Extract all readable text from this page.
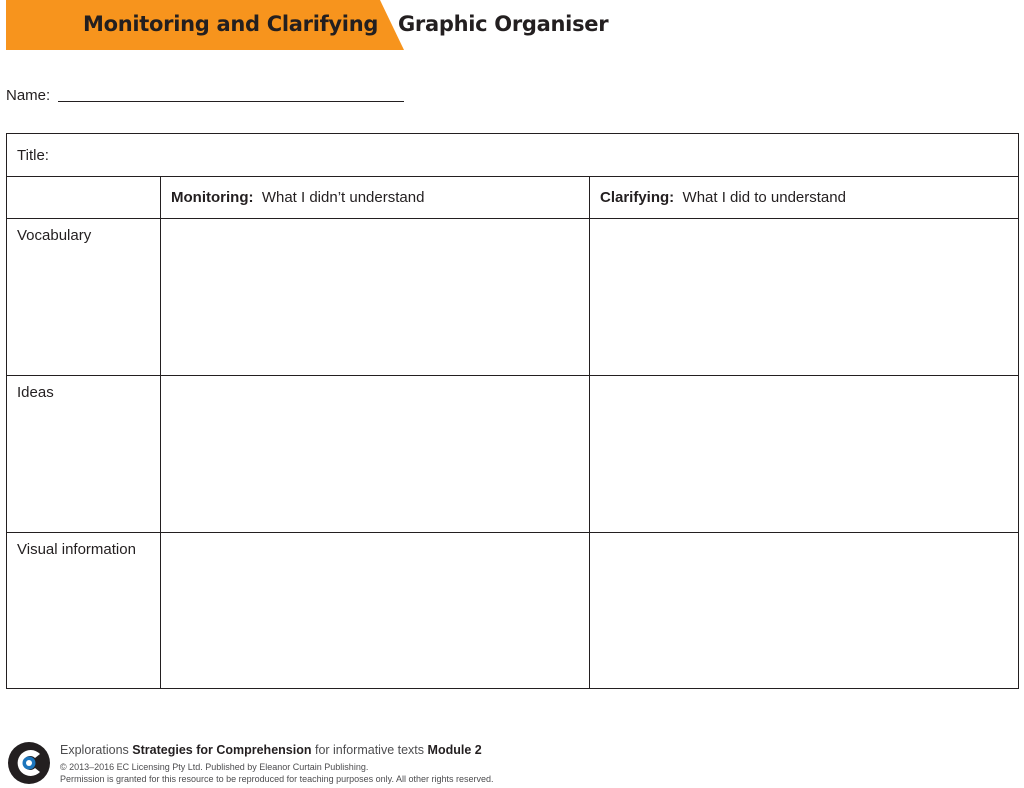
Monitoring and Clarifying Graphic Organiser
Name:
Title:
Monitoring: What I didn’t understand	Clarifying: What I did to understand
Vocabulary
Ideas
Visual information
Explorations Strategies for Comprehension for informative texts Module 2
© 2013–2016 EC Licensing Pty Ltd. Published by Eleanor Curtain Publishing.
Permission is granted for this resource to be reproduced for teaching purposes only. All other rights reserved.
